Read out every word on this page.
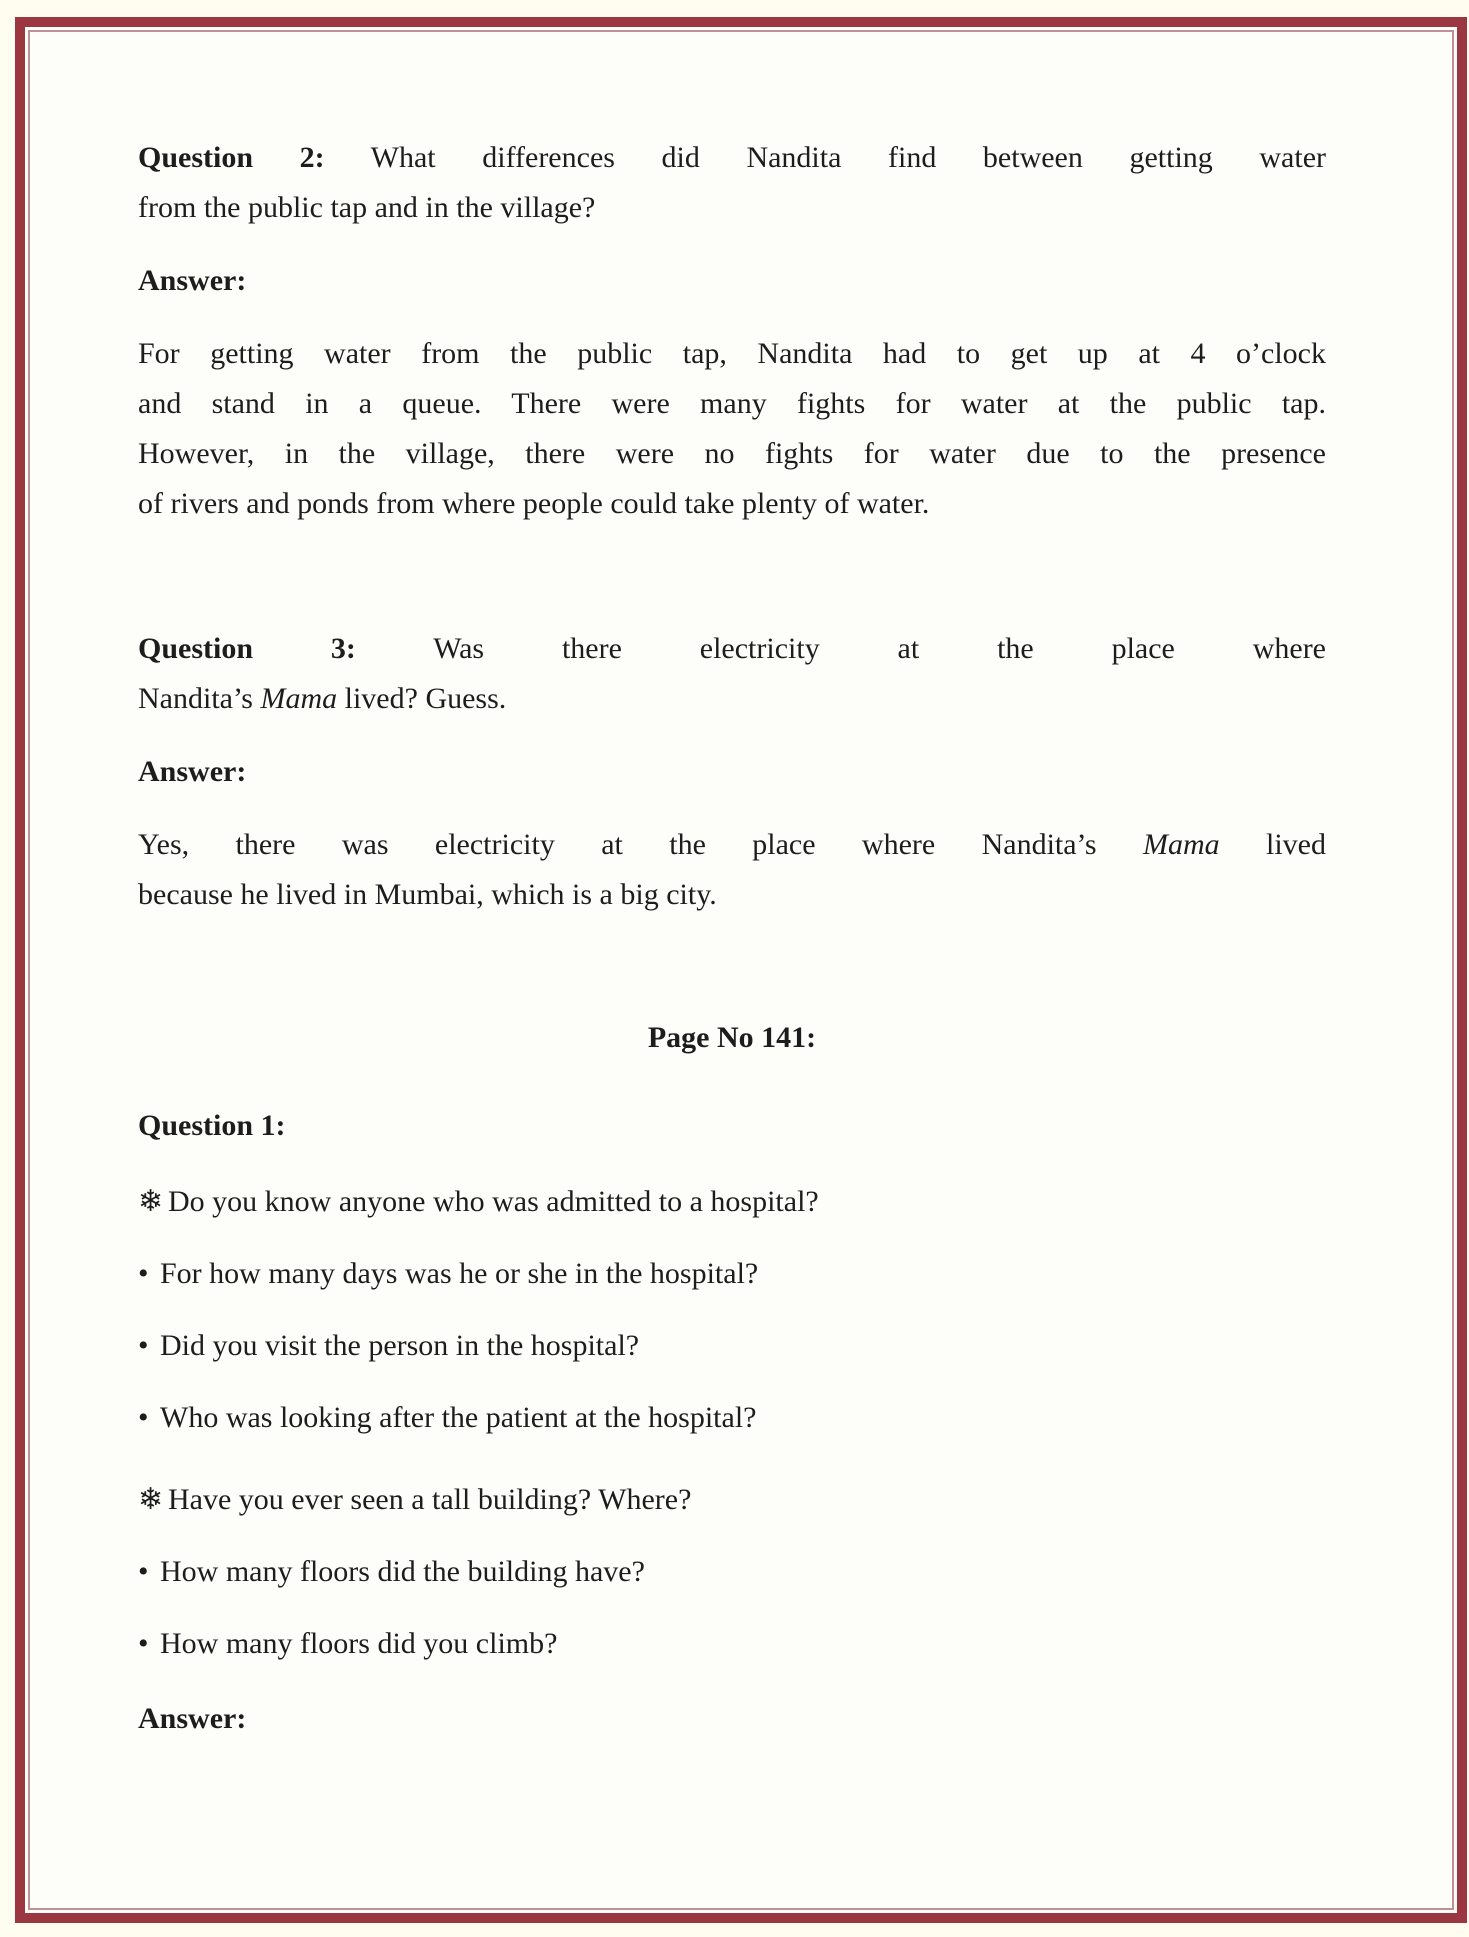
Question 2: What differences did Nandita find between getting water
from the public tap and in the village?
Answer:
For getting water from the public tap, Nandita had to get up at 4 o’clock
and stand in a queue. There were many fights for water at the public tap.
However, in the village, there were no fights for water due to the presence
of rivers and ponds from where people could take plenty of water.
Question 3:	Was there electricity at the place where
Nandita’s Mama lived? Guess.
Answer:
Yes, there was electricity at the place where Nandita’s Mama lived
because he lived in Mumbai, which is a big city.
Page No 141:
Question 1:
❄ Do you know anyone who was admitted to a hospital?
• For how many days was he or she in the hospital?
• Did you visit the person in the hospital?
• Who was looking after the patient at the hospital?
❄ Have you ever seen a tall building? Where?
• How many floors did the building have?
• How many floors did you climb?
Answer:
